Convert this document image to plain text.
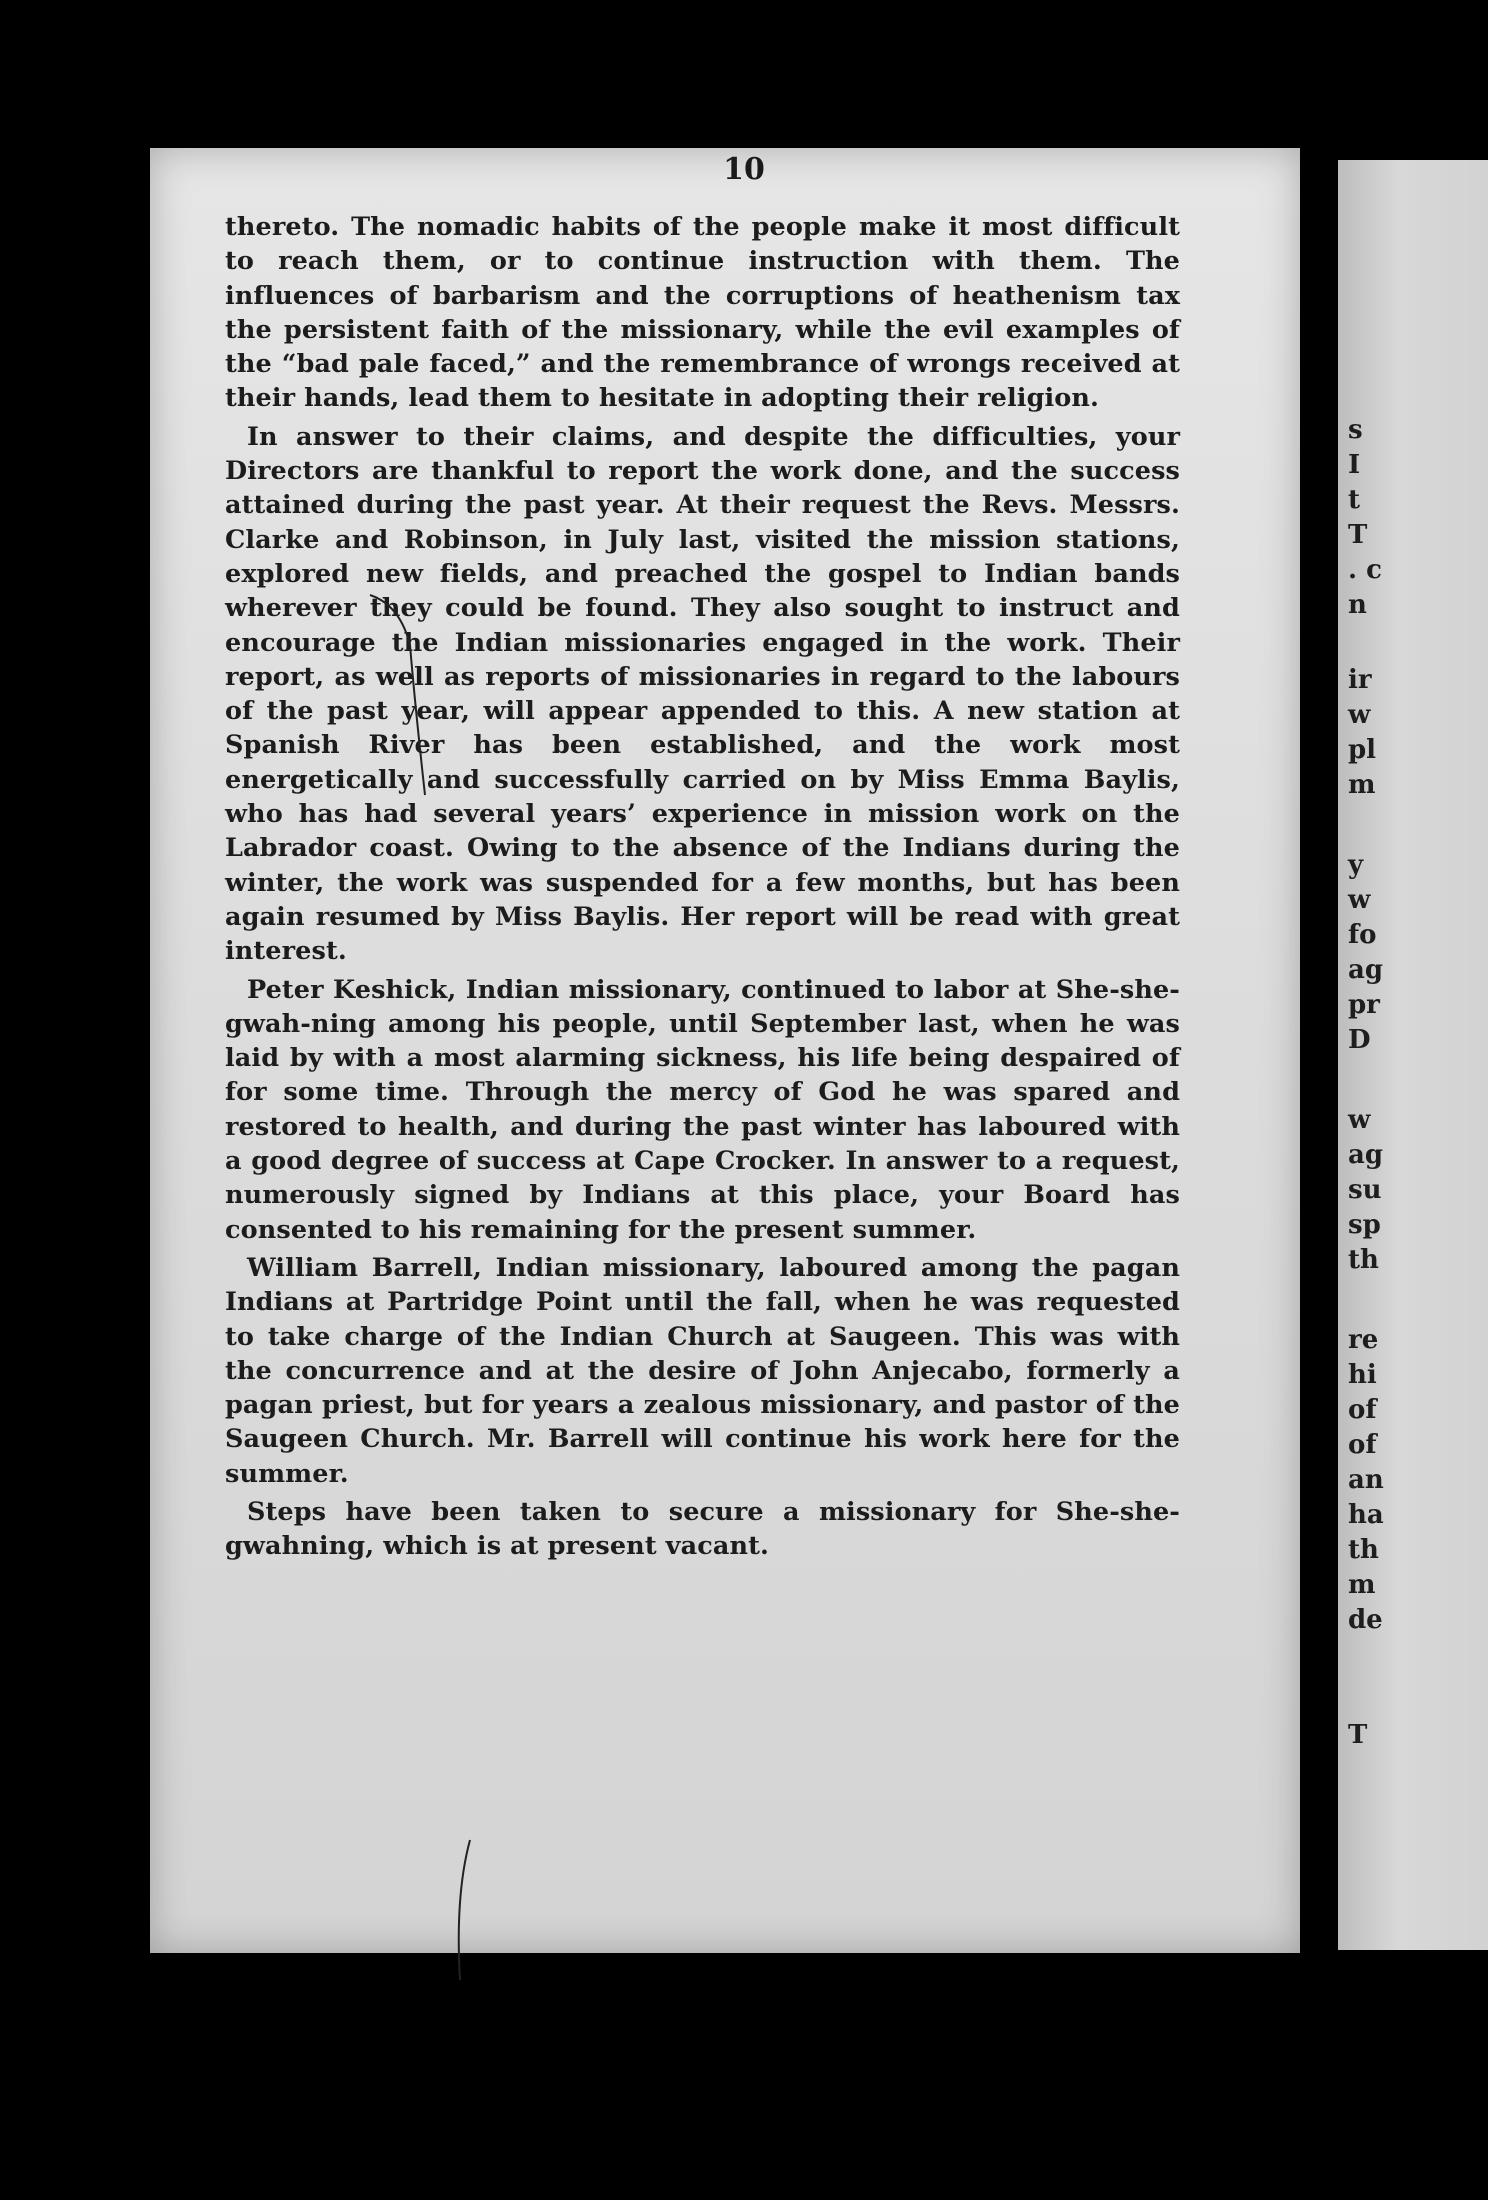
s
I
t
T
. c
n
ir
w
pl
m
y
w
fo
ag
pr
D
w
ag
su
sp
th
re
hi
of
of
an
ha
th
m
de
T
10

thereto. The nomadic habits of the people make it most difficult to reach them, or to continue instruction with them. The influences of barbarism and the corruptions of heathenism tax the persistent faith of the missionary, while the evil examples of the “bad pale faced,” and the remembrance of wrongs received at their hands, lead them to hesitate in adopting their religion.

In answer to their claims, and despite the difficulties, your Directors are thankful to report the work done, and the success attained during the past year. At their request the Revs. Messrs. Clarke and Robinson, in July last, visited the mission stations, explored new fields, and preached the gospel to Indian bands wherever they could be found. They also sought to instruct and encourage the Indian missionaries engaged in the work. Their report, as well as reports of missionaries in regard to the labours of the past year, will appear appended to this. A new station at Spanish River has been established, and the work most energetically and successfully carried on by Miss Emma Baylis, who has had several years’ experience in mission work on the Labrador coast. Owing to the absence of the Indians during the winter, the work was suspended for a few months, but has been again resumed by Miss Baylis. Her report will be read with great interest.

Peter Keshick, Indian missionary, continued to labor at She-she-gwah-ning among his people, until September last, when he was laid by with a most alarming sickness, his life being despaired of for some time. Through the mercy of God he was spared and restored to health, and during the past winter has laboured with a good degree of success at Cape Crocker. In answer to a request, numerously signed by Indians at this place, your Board has consented to his remaining for the present summer.

William Barrell, Indian missionary, laboured among the pagan Indians at Partridge Point until the fall, when he was requested to take charge of the Indian Church at Saugeen. This was with the concurrence and at the desire of John Anjecabo, formerly a pagan priest, but for years a zealous missionary, and pastor of the Saugeen Church. Mr. Barrell will continue his work here for the summer.

Steps have been taken to secure a missionary for She-she-gwahning, which is at present vacant.
